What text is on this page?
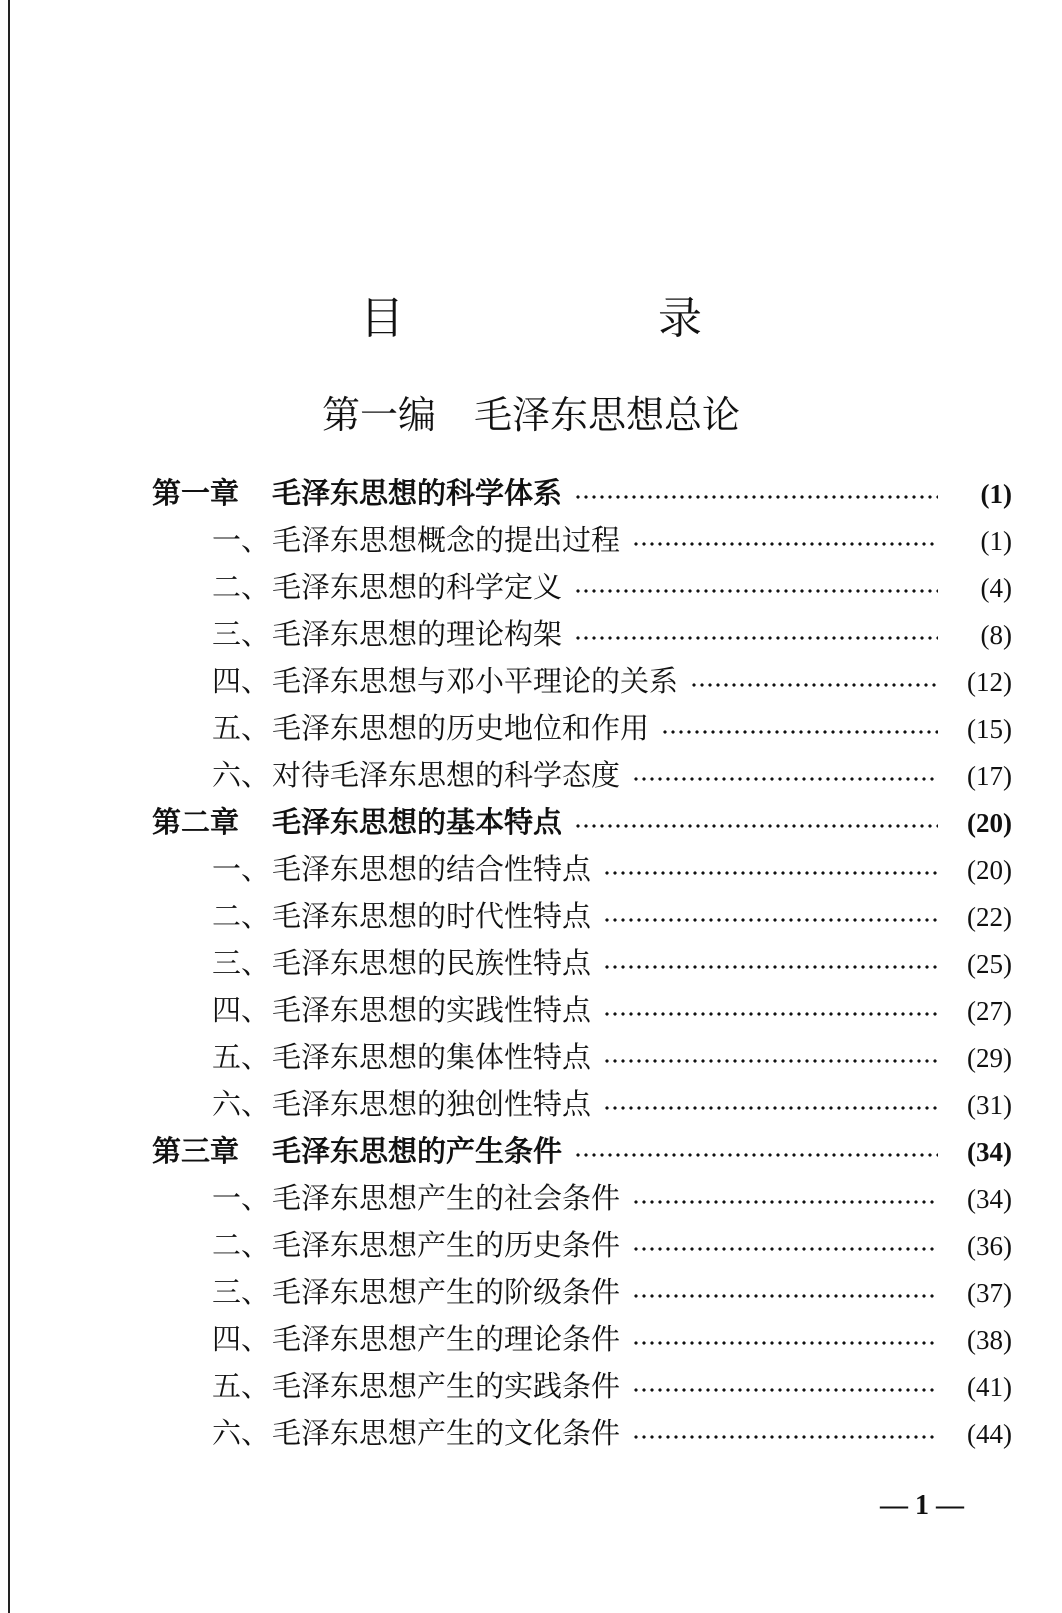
目 录
第一编　毛泽东思想总论
第一章	毛泽东思想的科学体系	(1)
一、 毛泽东思想概念的提出过程	(1)
二、 毛泽东思想的科学定义	(4)
三、 毛泽东思想的理论构架	(8)
四、 毛泽东思想与邓小平理论的关系	(12)
五、 毛泽东思想的历史地位和作用	(15)
六、 对待毛泽东思想的科学态度	(17)
第二章	毛泽东思想的基本特点	(20)
一、 毛泽东思想的结合性特点	(20)
二、 毛泽东思想的时代性特点	(22)
三、 毛泽东思想的民族性特点	(25)
四、 毛泽东思想的实践性特点	(27)
五、 毛泽东思想的集体性特点	(29)
六、 毛泽东思想的独创性特点	(31)
第三章	毛泽东思想的产生条件	(34)
一、 毛泽东思想产生的社会条件	(34)
二、 毛泽东思想产生的历史条件	(36)
三、 毛泽东思想产生的阶级条件	(37)
四、 毛泽东思想产生的理论条件	(38)
五、 毛泽东思想产生的实践条件	(41)
六、 毛泽东思想产生的文化条件	(44)
— 1 —
